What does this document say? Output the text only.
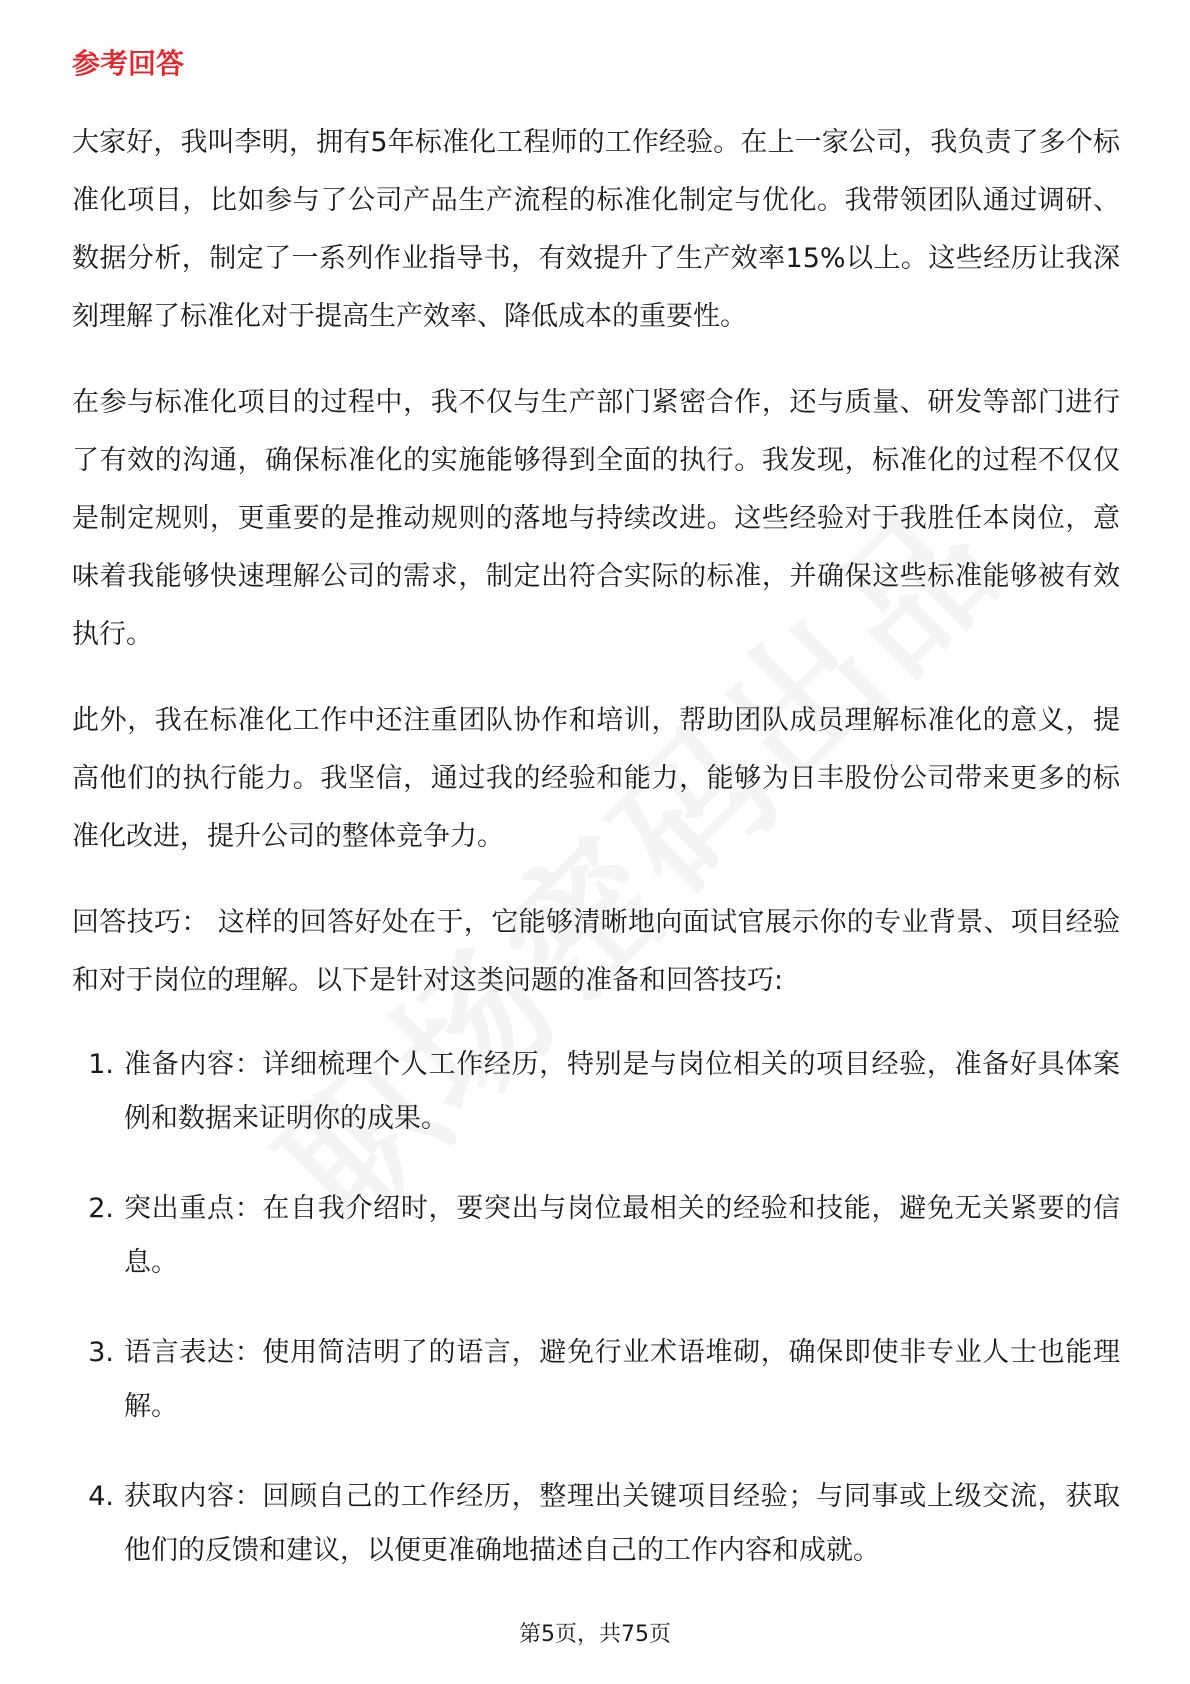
参考回答

大家好，我叫李明，拥有5年标准化工程师的工作经验。在上一家公司，我负责了多个标准化项目，比如参与了公司产品生产流程的标准化制定与优化。我带领团队通过调研、数据分析，制定了一系列作业指导书，有效提升了生产效率15%以上。这些经历让我深刻理解了标准化对于提高生产效率、降低成本的重要性。

在参与标准化项目的过程中，我不仅与生产部门紧密合作，还与质量、研发等部门进行了有效的沟通，确保标准化的实施能够得到全面的执行。我发现，标准化的过程不仅仅是制定规则，更重要的是推动规则的落地与持续改进。这些经验对于我胜任本岗位，意味着我能够快速理解公司的需求，制定出符合实际的标准，并确保这些标准能够被有效执行。

此外，我在标准化工作中还注重团队协作和培训，帮助团队成员理解标准化的意义，提高他们的执行能力。我坚信，通过我的经验和能力，能够为日丰股份公司带来更多的标准化改进，提升公司的整体竞争力。

回答技巧： 这样的回答好处在于，它能够清晰地向面试官展示你的专业背景、项目经验和对于岗位的理解。以下是针对这类问题的准备和回答技巧:

1. 准备内容：详细梳理个人工作经历，特别是与岗位相关的项目经验，准备好具体案例和数据来证明你的成果。
2. 突出重点：在自我介绍时，要突出与岗位最相关的经验和技能，避免无关紧要的信息。
3. 语言表达：使用简洁明了的语言，避免行业术语堆砌，确保即使非专业人士也能理解。
4. 获取内容：回顾自己的工作经历，整理出关键项目经验；与同事或上级交流，获取他们的反馈和建议，以便更准确地描述自己的工作内容和成就。
第5页，共75页
